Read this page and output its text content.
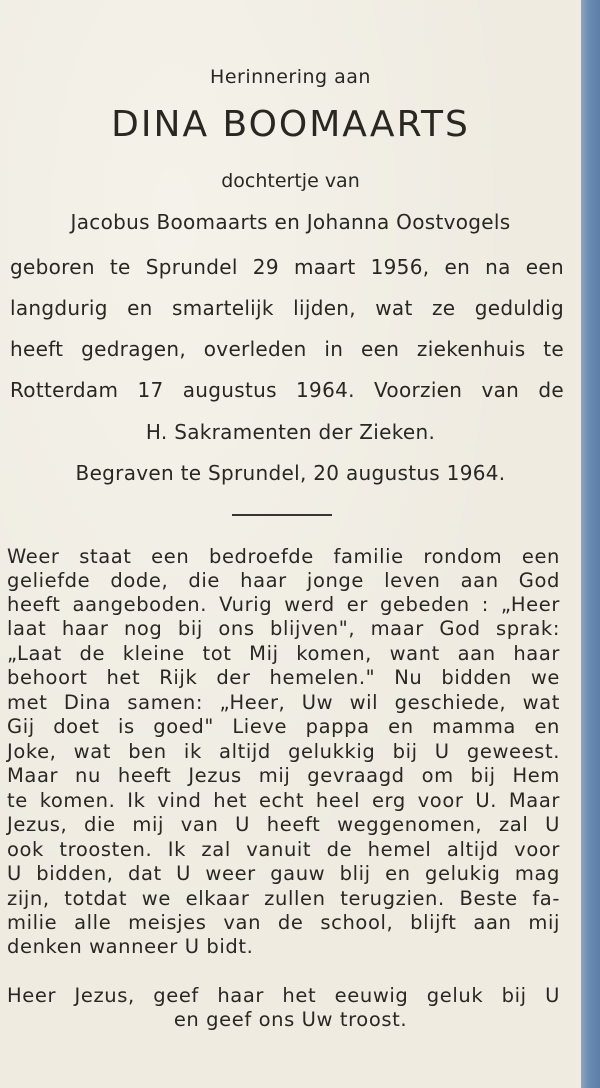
Herinnering aan
DINA BOOMAARTS
dochtertje van
Jacobus Boomaarts en Johanna Oostvogels
geboren te Sprundel 29 maart 1956, en na een
langdurig en smartelijk lijden, wat ze geduldig
heeft gedragen, overleden in een ziekenhuis te
Rotterdam 17 augustus 1964. Voorzien van de
H. Sakramenten der Zieken.
Begraven te Sprundel, 20 augustus 1964.
Weer staat een bedroefde familie rondom een
geliefde dode, die haar jonge leven aan God
heeft aangeboden. Vurig werd er gebeden : „Heer
laat haar nog bij ons blijven", maar God sprak:
„Laat de kleine tot Mij komen, want aan haar
behoort het Rijk der hemelen." Nu bidden we
met Dina samen: „Heer, Uw wil geschiede, wat
Gij doet is goed" Lieve pappa en mamma en
Joke, wat ben ik altijd gelukkig bij U geweest.
Maar nu heeft Jezus mij gevraagd om bij Hem
te komen. Ik vind het echt heel erg voor U. Maar
Jezus, die mij van U heeft weggenomen, zal U
ook troosten. Ik zal vanuit de hemel altijd voor
U bidden, dat U weer gauw blij en gelukig mag
zijn, totdat we elkaar zullen terugzien. Beste fa-
milie alle meisjes van de school, blijft aan mij
denken wanneer U bidt.
Heer Jezus, geef haar het eeuwig geluk bij U
en geef ons Uw troost.
